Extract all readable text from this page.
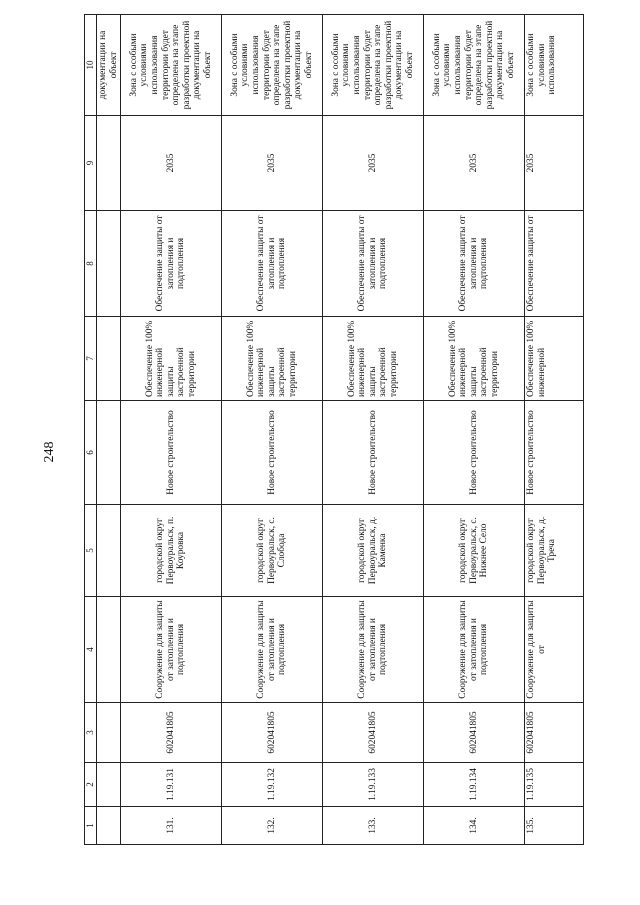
248
1	2	3	4	5	6	7	8	9	10
									документации на объект
131.	1.19.131	602041805	Сооружение для защиты от затопления и подтопления	городской округ Первоуральск, п. Коуровка	Новое строительство	Обеспечение 100% инженерной защиты застроенной территории	Обеспечение защиты от затопления и подтопления	2035	Зона с особыми условиями использования территории будет определена на этапе разработки проектной документации на объект
132.	1.19.132	602041805	Сооружение для защиты от затопления и подтопления	городской округ Первоуральск, с. Слобода	Новое строительство	Обеспечение 100% инженерной защиты застроенной территории	Обеспечение защиты от затопления и подтопления	2035	Зона с особыми условиями использования территории будет определена на этапе разработки проектной документации на объект
133.	1.19.133	602041805	Сооружение для защиты от затопления и подтопления	городской округ Первоуральск, д. Каменка	Новое строительство	Обеспечение 100% инженерной защиты застроенной территории	Обеспечение защиты от затопления и подтопления	2035	Зона с особыми условиями использования территории будет определена на этапе разработки проектной документации на объект
134.	1.19.134	602041805	Сооружение для защиты от затопления и подтопления	городской округ Первоуральск, с. Нижнее Село	Новое строительство	Обеспечение 100% инженерной защиты застроенной территории	Обеспечение защиты от затопления и подтопления	2035	Зона с особыми условиями использования территории будет определена на этапе разработки проектной документации на объект
135.	1.19.135	602041805	Сооружение для защиты от	городской округ Первоуральск, д. Треча	Новое строительство	Обеспечение 100% инженерной	Обеспечение защиты от	2035	Зона с особыми условиями использования
